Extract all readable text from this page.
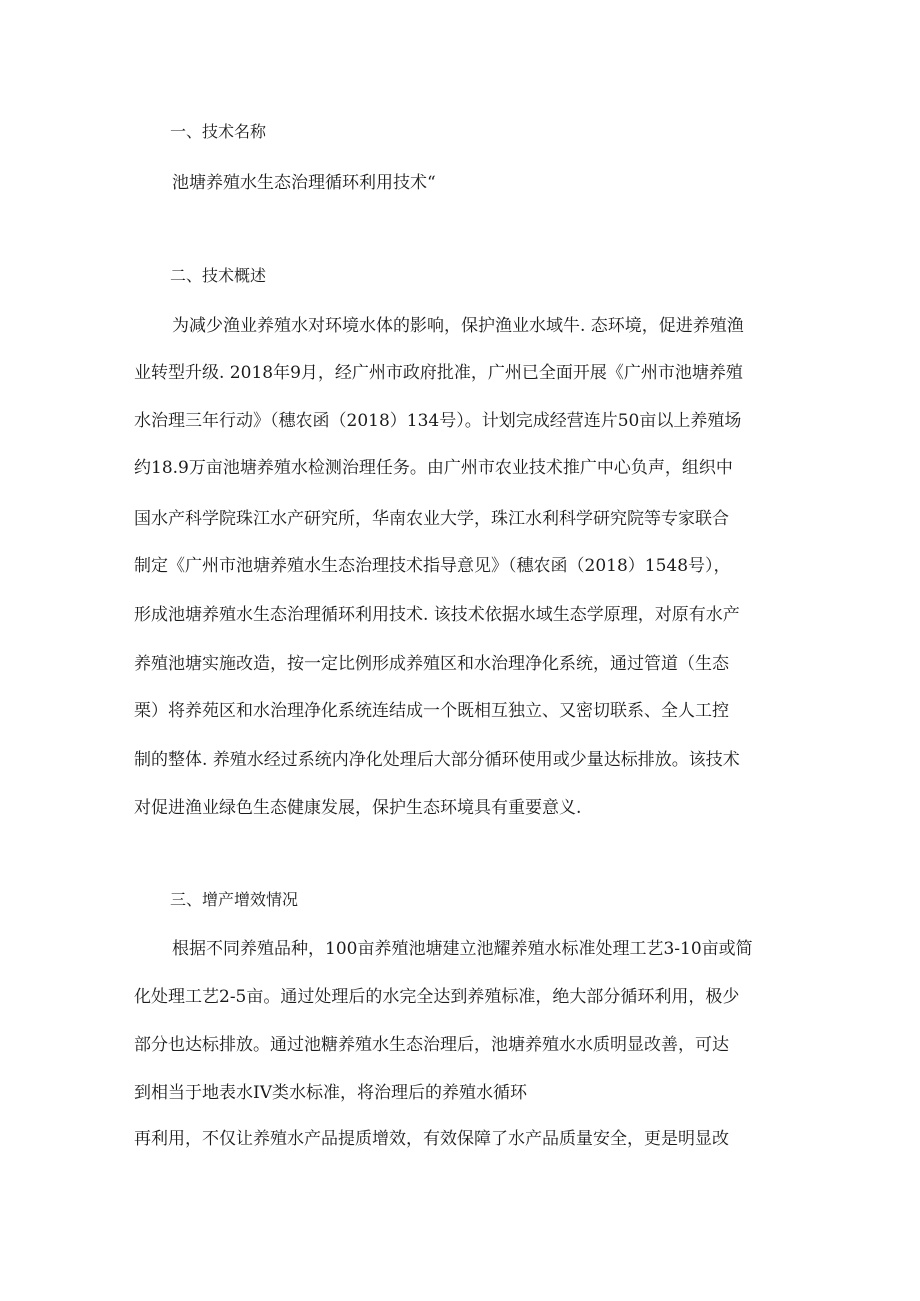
一、技术名称
池塘养殖水生态治理循环利用技术“
二、技术概述
为减少渔业养殖水对环境水体的影响，保护渔业水域牛. 态环境，促进养殖渔
业转型升级. 2018年9月，经广州市政府批准，广州已全面开展《广州市池塘养殖
水治理三年行动》（穗农函（2018）134号）。计划完成经营连片50亩以上养殖场
约18.9万亩池塘养殖水检测治理任务。由广州市农业技术推广中心负声，组织中
国水产科学院珠江水产研究所，华南农业大学，珠江水利科学研究院等专家联合
制定《广州市池塘养殖水生态治理技术指导意见》（穗农函（2018）1548号），
形成池塘养殖水生态治理循环利用技术. 该技术依据水域生态学原理，对原有水产
养殖池塘实施改造，按一定比例形成养殖区和水治理净化系统，通过管道（生态
栗）将养苑区和水治理净化系统连结成一个既相互独立、又密切联系、全人工控
制的整体. 养殖水经过系统内净化处理后大部分循环使用或少量达标排放。该技术
对促进渔业绿色生态健康发展，保护生态环境具有重要意义.
三、增产增效情况
根据不同养殖品种，100亩养殖池塘建立池耀养殖水标准处理工艺3-10亩或简
化处理工艺2-5亩。通过处理后的水完全达到养殖标准，绝大部分循环利用，极少
部分也达标排放。通过池糖养殖水生态治理后，池塘养殖水水质明显改善，可达
到相当于地表水IV类水标准，将治理后的养殖水循环
再利用，不仅让养殖水产品提质增效，有效保障了水产品质量安全，更是明显改
